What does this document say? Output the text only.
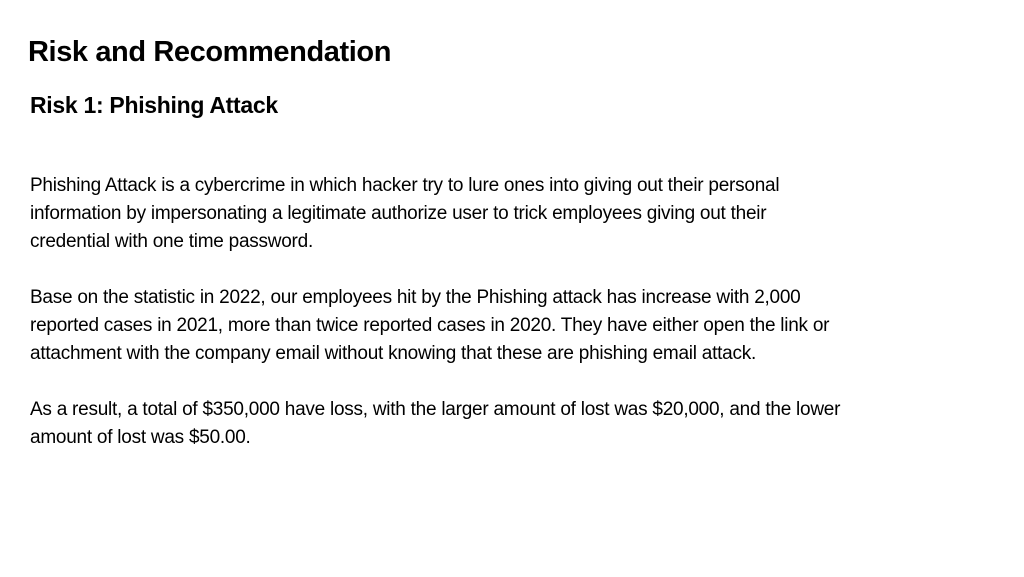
Risk and Recommendation
Risk 1: Phishing Attack

Phishing Attack is a cybercrime in which hacker try to lure ones into giving out their personal
information by impersonating a legitimate authorize user to trick employees giving out their
credential with one time password.

Base on the statistic in 2022, our employees hit by the Phishing attack has increase with 2,000
reported cases in 2021, more than twice reported cases in 2020. They have either open the link or
attachment with the company email without knowing that these are phishing email attack.

As a result, a total of $350,000 have loss, with the larger amount of lost was $20,000, and the lower
amount of lost was $50.00.
